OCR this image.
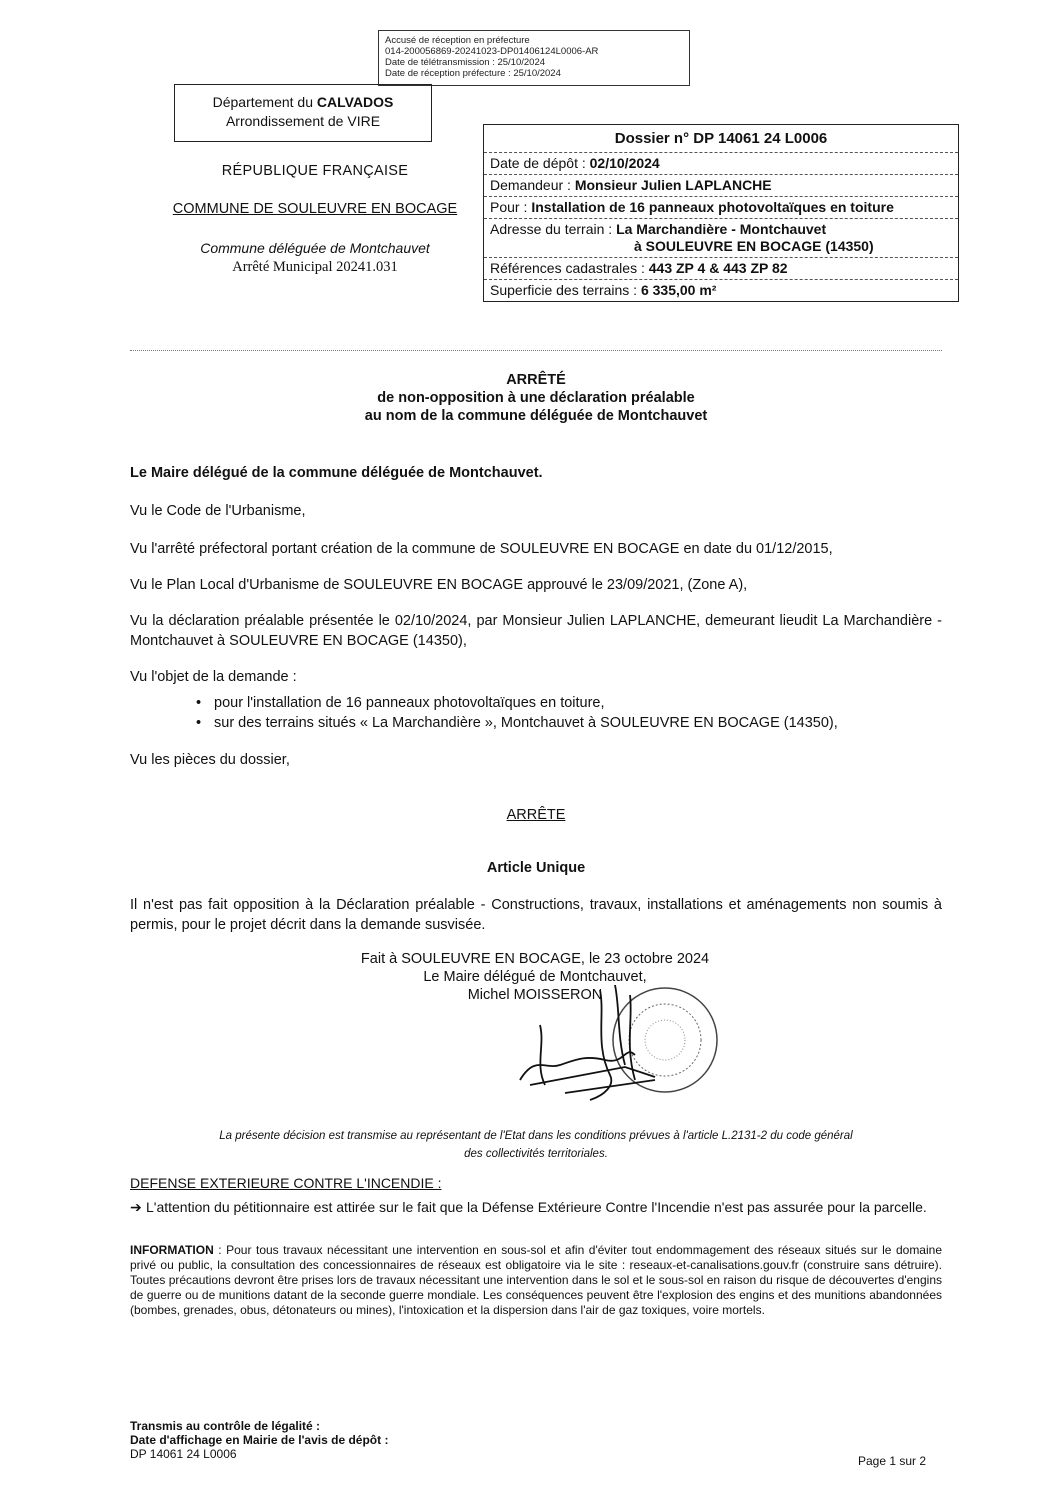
Accusé de réception en préfecture
014-200056869-20241023-DP01406124L0006-AR
Date de télétransmission : 25/10/2024
Date de réception préfecture : 25/10/2024
Département du CALVADOS
Arrondissement de VIRE
RÉPUBLIQUE FRANÇAISE
COMMUNE DE SOULEUVRE EN BOCAGE
Commune déléguée de Montchauvet
Arrêté Municipal 20241.031
Dossier n° DP 14061 24 L0006
Date de dépôt : 02/10/2024
Demandeur : Monsieur Julien LAPLANCHE
Pour : Installation de 16 panneaux photovoltaïques en toiture
Adresse du terrain : La Marchandière - Montchauvet
à SOULEUVRE EN BOCAGE (14350)
Références cadastrales : 443 ZP 4 & 443 ZP 82
Superficie des terrains : 6 335,00 m²
ARRÊTÉ
de non-opposition à une déclaration préalable
au nom de la commune déléguée de Montchauvet
Le Maire délégué de la commune déléguée de Montchauvet.
Vu le Code de l'Urbanisme,
Vu l'arrêté préfectoral portant création de la commune de SOULEUVRE EN BOCAGE en date du 01/12/2015,
Vu le Plan Local d'Urbanisme de SOULEUVRE EN BOCAGE approuvé le 23/09/2021, (Zone A),
Vu la déclaration préalable présentée le 02/10/2024, par Monsieur Julien LAPLANCHE, demeurant lieudit La Marchandière - Montchauvet à SOULEUVRE EN BOCAGE (14350),
Vu l'objet de la demande :
• pour l'installation de 16 panneaux photovoltaïques en toiture,
• sur des terrains situés « La Marchandière », Montchauvet à SOULEUVRE EN BOCAGE (14350),
Vu les pièces du dossier,
ARRÊTE
Article Unique
Il n'est pas fait opposition à la Déclaration préalable - Constructions, travaux, installations et aménagements non soumis à permis, pour le projet décrit dans la demande susvisée.
Fait à SOULEUVRE EN BOCAGE, le 23 octobre 2024
Le Maire délégué de Montchauvet,
Michel MOISSERON
La présente décision est transmise au représentant de l'Etat dans les conditions prévues à l'article L.2131-2 du code général
des collectivités territoriales.
DEFENSE EXTERIEURE CONTRE L'INCENDIE :
➔ L'attention du pétitionnaire est attirée sur le fait que la Défense Extérieure Contre l'Incendie n'est pas assurée pour la parcelle.
INFORMATION : Pour tous travaux nécessitant une intervention en sous-sol et afin d'éviter tout endommagement des réseaux situés sur le domaine privé ou public, la consultation des concessionnaires de réseaux est obligatoire via le site : reseaux-et-canalisations.gouv.fr (construire sans détruire). Toutes précautions devront être prises lors de travaux nécessitant une intervention dans le sol et le sous-sol en raison du risque de découvertes d'engins de guerre ou de munitions datant de la seconde guerre mondiale. Les conséquences peuvent être l'explosion des engins et des munitions abandonnées (bombes, grenades, obus, détonateurs ou mines), l'intoxication et la dispersion dans l'air de gaz toxiques, voire mortels.
Transmis au contrôle de légalité :
Date d'affichage en Mairie de l'avis de dépôt :
DP 14061 24 L0006	Page 1 sur 2
